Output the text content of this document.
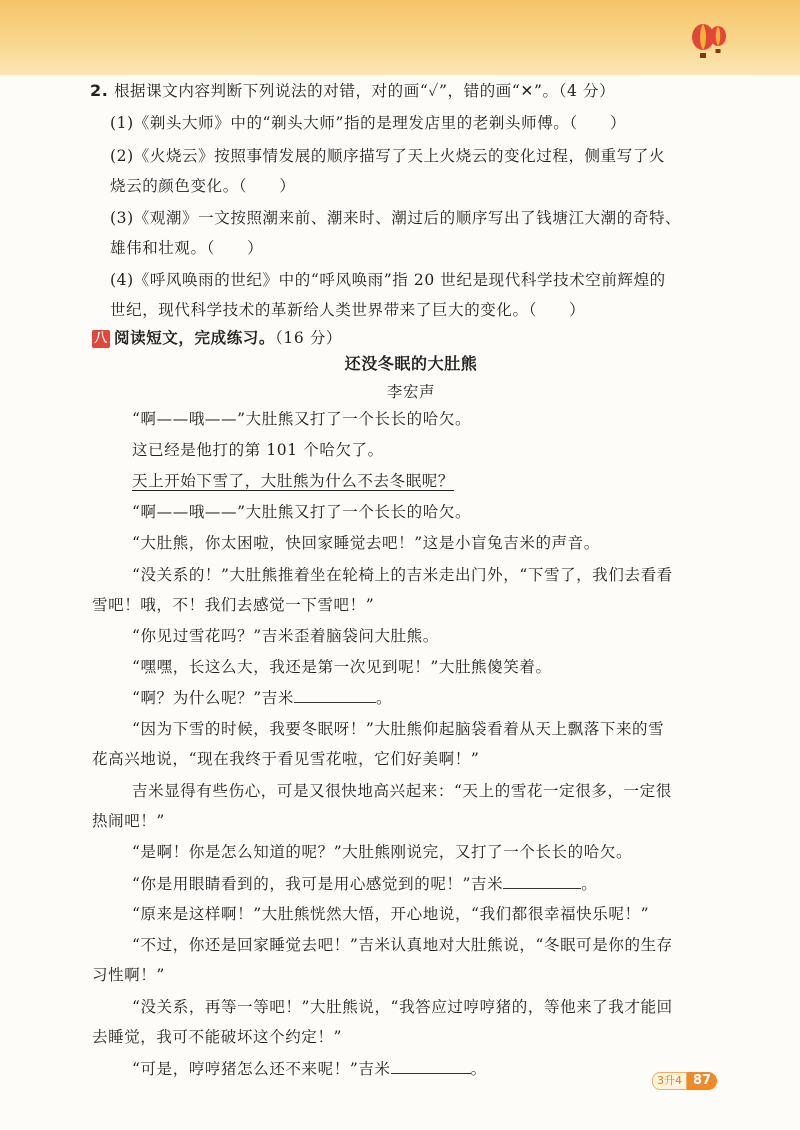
2. 根据课文内容判断下列说法的对错，对的画“✓”，错的画“✕”。（4 分）
(1)《剃头大师》中的“剃头大师”指的是理发店里的老剃头师傅。（　　）
(2)《火烧云》按照事情发展的顺序描写了天上火烧云的变化过程，侧重写了火
烧云的颜色变化。（　　）
(3)《观潮》一文按照潮来前、潮来时、潮过后的顺序写出了钱塘江大潮的奇特、
雄伟和壮观。（　　）
(4)《呼风唤雨的世纪》中的“呼风唤雨”指 20 世纪是现代科学技术空前辉煌的
世纪，现代科学技术的革新给人类世界带来了巨大的变化。（　　）
八 阅读短文，完成练习。（16 分）
还没冬眠的大肚熊
李宏声
“啊——哦——”大肚熊又打了一个长长的哈欠。
这已经是他打的第 101 个哈欠了。
天上开始下雪了，大肚熊为什么不去冬眠呢？
“啊——哦——”大肚熊又打了一个长长的哈欠。
“大肚熊，你太困啦，快回家睡觉去吧！”这是小盲兔吉米的声音。
“没关系的！”大肚熊推着坐在轮椅上的吉米走出门外，“下雪了，我们去看看
雪吧！哦，不！我们去感觉一下雪吧！”
“你见过雪花吗？”吉米歪着脑袋问大肚熊。
“嘿嘿，长这么大，我还是第一次见到呢！”大肚熊傻笑着。
“啊？为什么呢？”吉米	。
“因为下雪的时候，我要冬眠呀！”大肚熊仰起脑袋看着从天上飘落下来的雪
花高兴地说，“现在我终于看见雪花啦，它们好美啊！”
吉米显得有些伤心，可是又很快地高兴起来：“天上的雪花一定很多，一定很
热闹吧！”
“是啊！你是怎么知道的呢？”大肚熊刚说完，又打了一个长长的哈欠。
“你是用眼睛看到的，我可是用心感觉到的呢！”吉米	。
“原来是这样啊！”大肚熊恍然大悟，开心地说，“我们都很幸福快乐呢！”
“不过，你还是回家睡觉去吧！”吉米认真地对大肚熊说，“冬眠可是你的生存
习性啊！”
“没关系，再等一等吧！”大肚熊说，“我答应过哼哼猪的，等他来了我才能回
去睡觉，我可不能破坏这个约定！”
“可是，哼哼猪怎么还不来呢！”吉米	。
3升4 87
